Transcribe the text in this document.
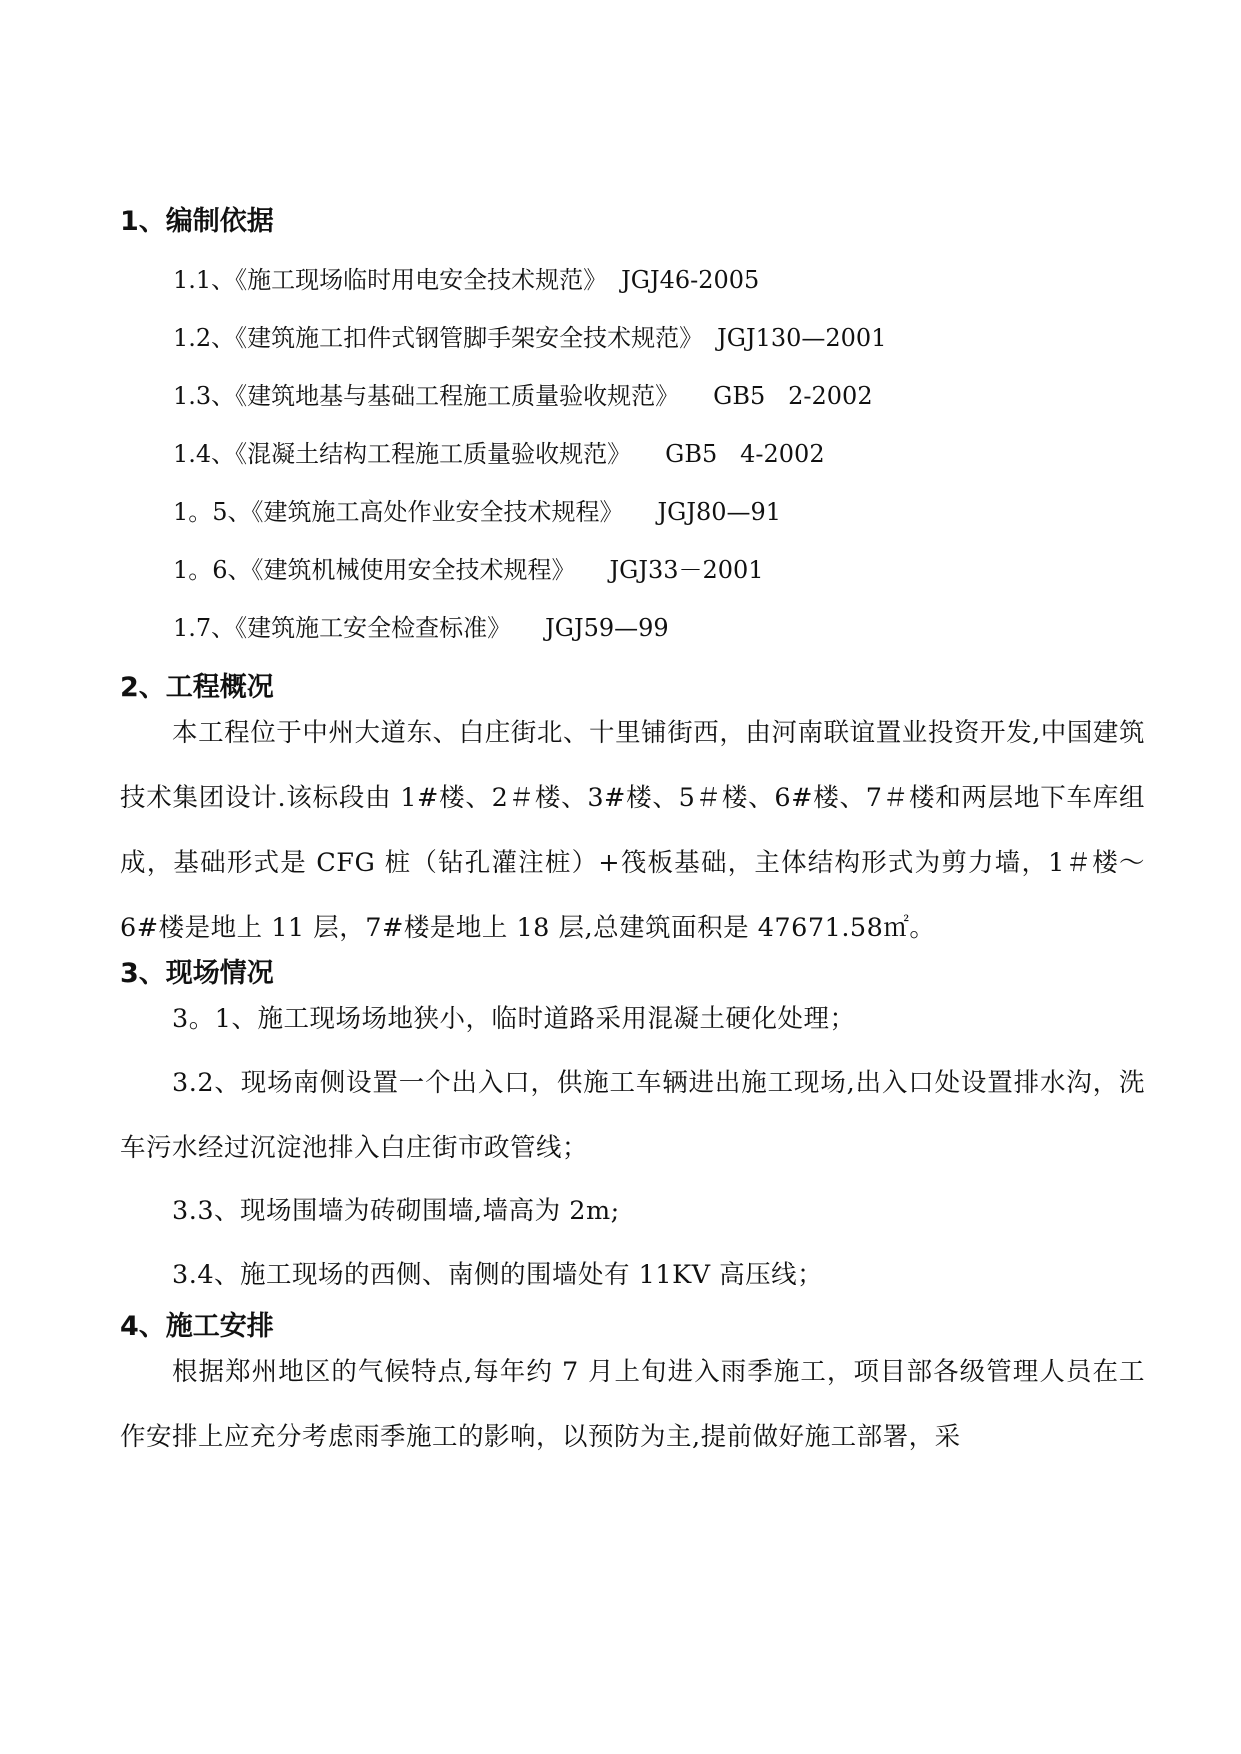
1、编制依据

1.1、《施工现场临时用电安全技术规范》 JGJ46-2005

1.2、《建筑施工扣件式钢管脚手架安全技术规范》 JGJ130—2001

1.3、《建筑地基与基础工程施工质量验收规范》 GB5   2-2002

1.4、《混凝土结构工程施工质量验收规范》 GB5   4-2002

1。5、《建筑施工高处作业安全技术规程》 JGJ80—91

1。6、《建筑机械使用安全技术规程》 JGJ33－2001

1.7、《建筑施工安全检查标准》 JGJ59—99

2、工程概况

本工程位于中州大道东、白庄街北、十里铺街西，由河南联谊置业投资开发,中国建筑技术集团设计.该标段由 1#楼、2＃楼、3#楼、5＃楼、6#楼、7＃楼和两层地下车库组成，基础形式是 CFG 桩（钻孔灌注桩）+筏板基础，主体结构形式为剪力墙，1＃楼～6#楼是地上 11 层，7#楼是地上 18 层,总建筑面积是 47671.58㎡。

3、现场情况

3。1、施工现场场地狭小，临时道路采用混凝土硬化处理；

3.2、现场南侧设置一个出入口，供施工车辆进出施工现场,出入口处设置排水沟，洗车污水经过沉淀池排入白庄街市政管线；

3.3、现场围墙为砖砌围墙,墙高为 2m;

3.4、施工现场的西侧、南侧的围墙处有 11KV 高压线；

4、施工安排

根据郑州地区的气候特点,每年约 7 月上旬进入雨季施工，项目部各级管理人员在工作安排上应充分考虑雨季施工的影响，以预防为主,提前做好施工部署，采
